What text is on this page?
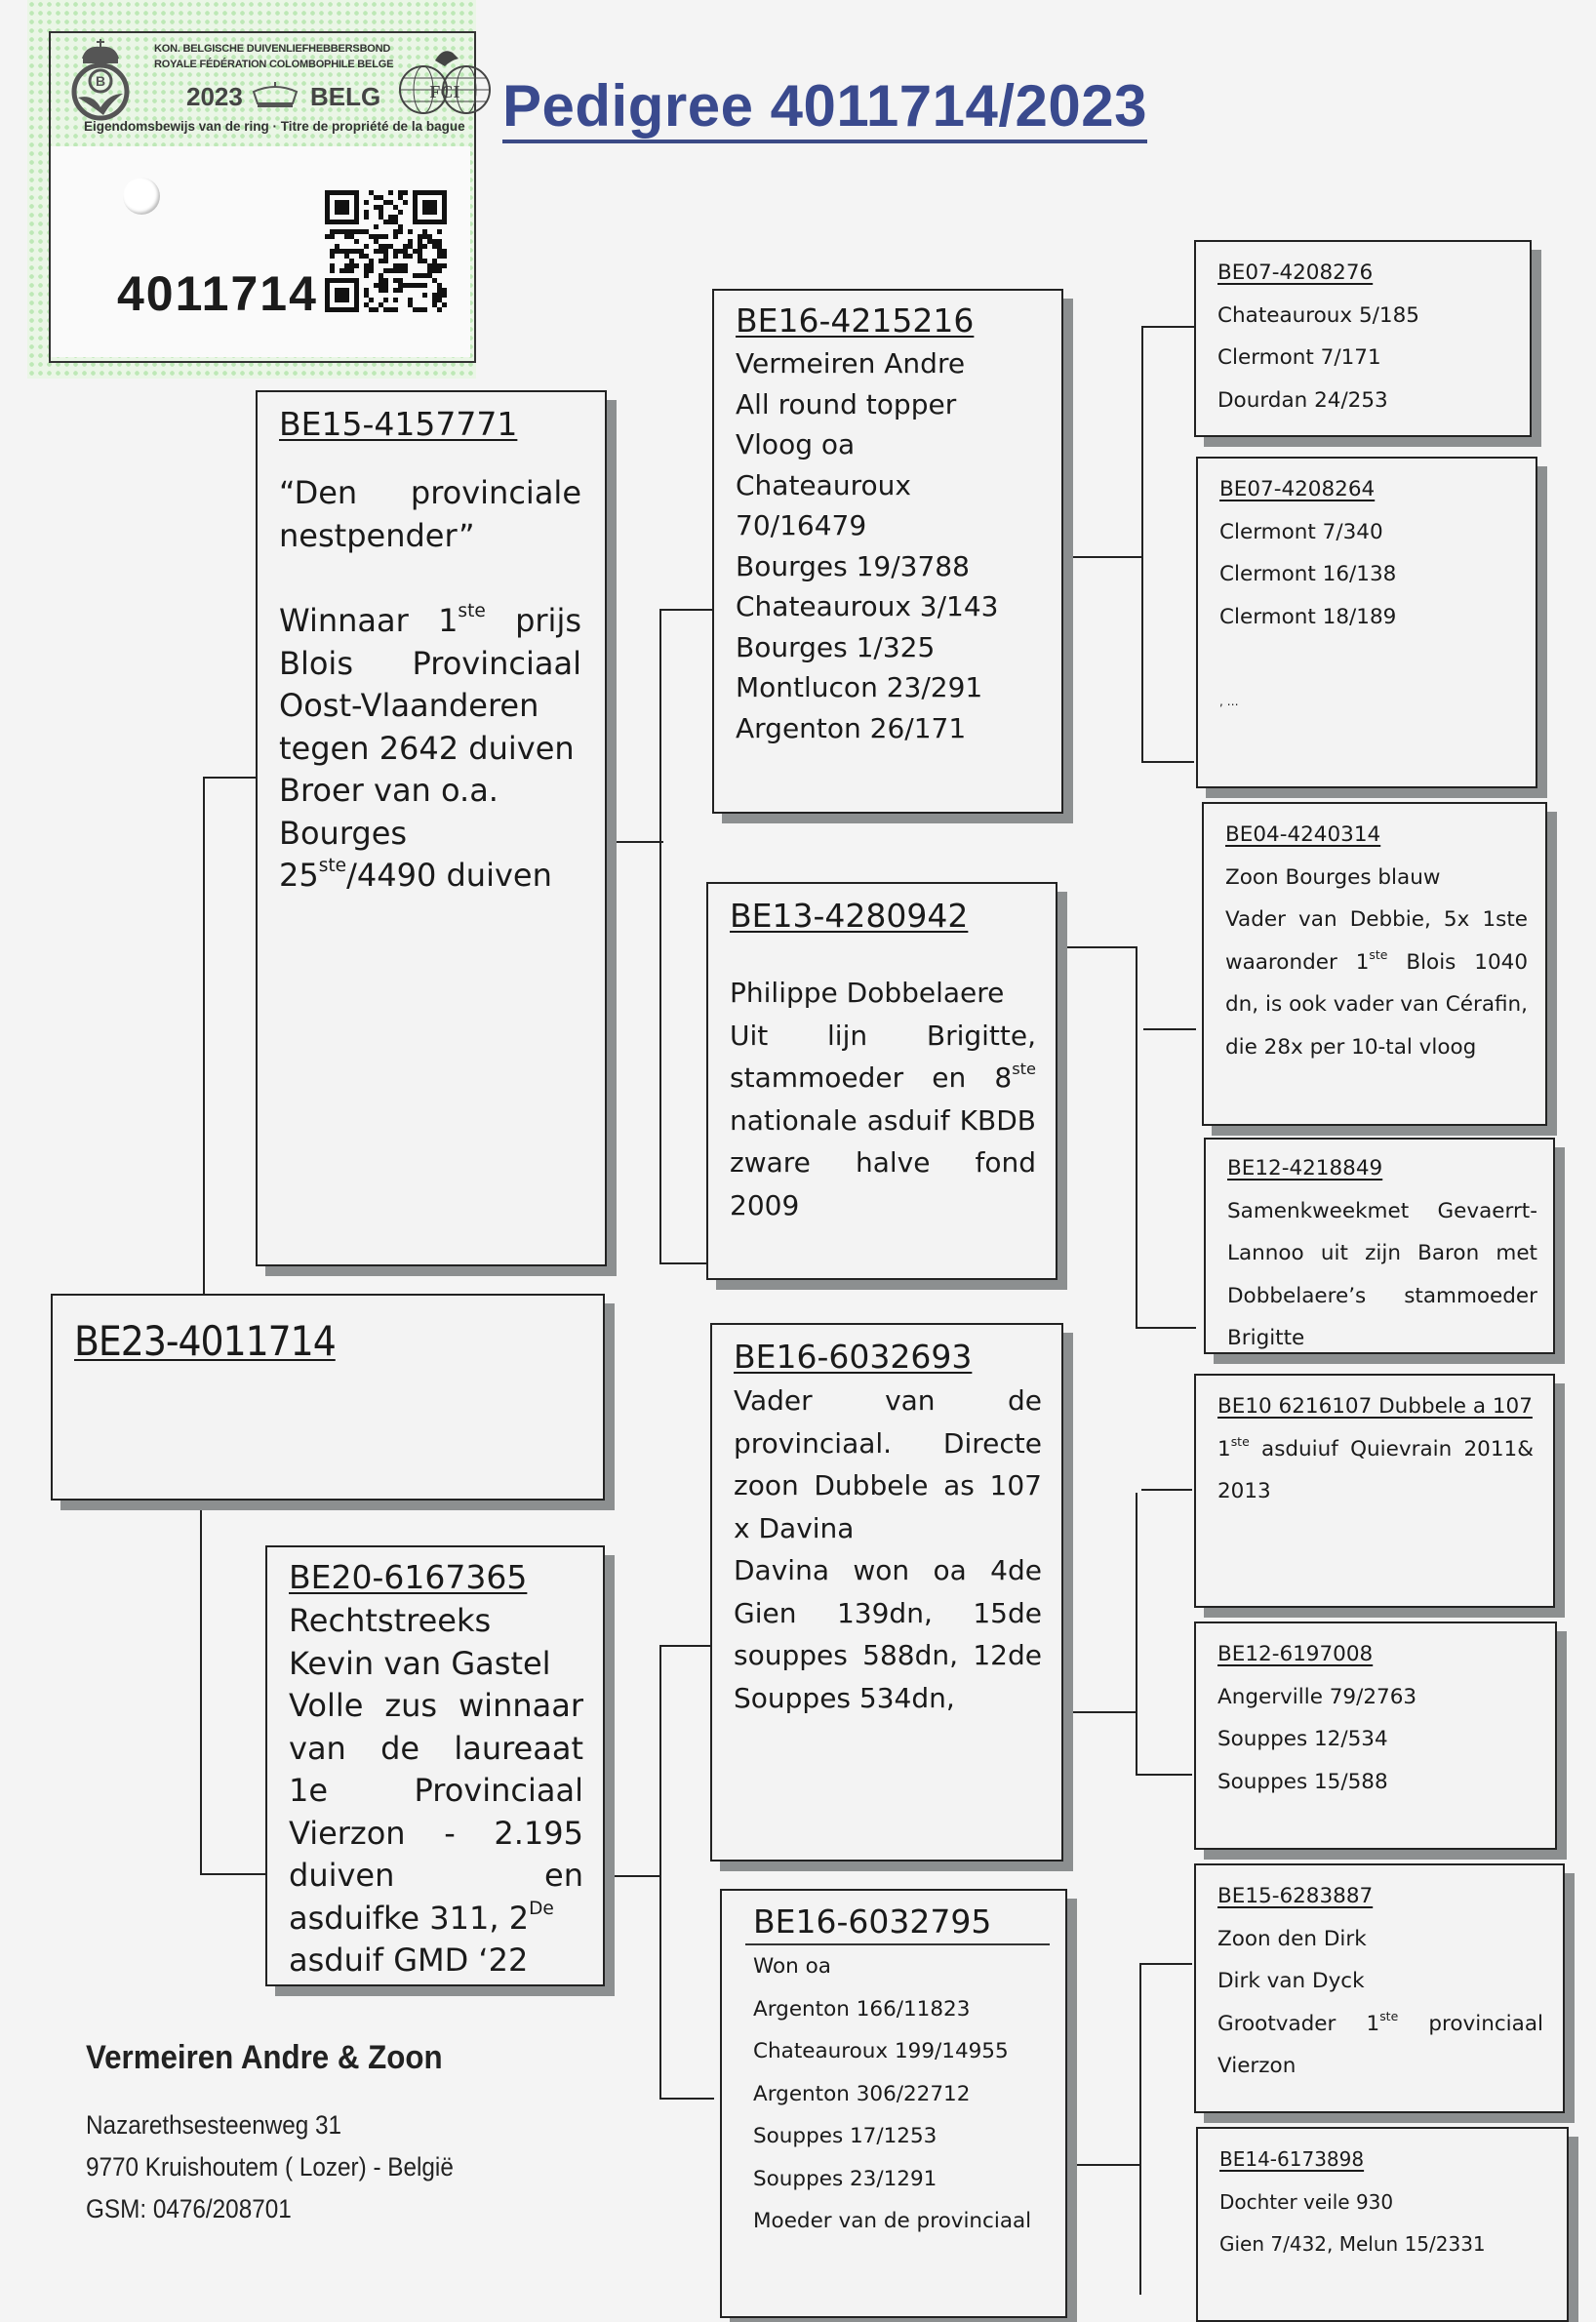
B
KON. BELGISCHE DUIVENLIEFHEBBERSBOND
ROYALE FÉDÉRATION COLOMBOPHILE BELGE
2023	BELG	FCI
Eigendomsbewijs van de ring · Titre de propriété de la bague
4011714
Pedigree 4011714/2023
BE23-4011714
BE15-4157771
“Den provinciale nestpender”
Winnaar 1ste prijs Blois Provinciaal Oost-Vlaanderen tegen 2642 duiven
Broer van o.a.
Bourges
25ste/4490 duiven
BE20-6167365
Rechtstreeks
Kevin van Gastel
Volle zus winnaar van de laureaat 1e Provinciaal Vierzon - 2.195 duiven en asduifke 311, 2De
asduif GMD ‘22
BE16-4215216
Vermeiren Andre
All round topper
Vloog oa
Chateauroux
70/16479
Bourges 19/3788
Chateauroux 3/143
Bourges 1/325
Montlucon 23/291
Argenton 26/171
BE13-4280942
Philippe Dobbelaere
Uit lijn Brigitte, stammoeder en 8ste nationale asduif KBDB zware halve fond 2009
BE16-6032693
Vader van de provinciaal. Directe zoon Dubbele as 107 x Davina
Davina won oa 4de Gien 139dn, 15de souppes 588dn, 12de Souppes 534dn,
BE16-6032795
Won oa
Argenton 166/11823
Chateauroux 199/14955
Argenton 306/22712
Souppes 17/1253
Souppes 23/1291
Moeder van de provinciaal
BE07-4208276
Chateauroux 5/185
Clermont 7/171
Dourdan 24/253
BE07-4208264
Clermont 7/340
Clermont 16/138
Clermont 18/189
, …
BE04-4240314
Zoon Bourges blauw
Vader van Debbie, 5x 1ste waaronder 1ste Blois 1040 dn, is ook vader van Cérafin, die 28x per 10-tal vloog
BE12-4218849
Samenkweekmet Gevaerrt-Lannoo uit zijn Baron met Dobbelaere’s stammoeder Brigitte
BE10 6216107 Dubbele a 107
1ste asduiuf Quievrain 2011& 2013
BE12-6197008
Angerville 79/2763
Souppes 12/534
Souppes 15/588
BE15-6283887
Zoon den Dirk
Dirk van Dyck
Grootvader 1ste provinciaal Vierzon
BE14-6173898
Dochter veile 930
Gien 7/432, Melun 15/2331
Vermeiren Andre & Zoon
Nazarethsesteenweg 31
9770 Kruishoutem ( Lozer) - België
GSM: 0476/208701
